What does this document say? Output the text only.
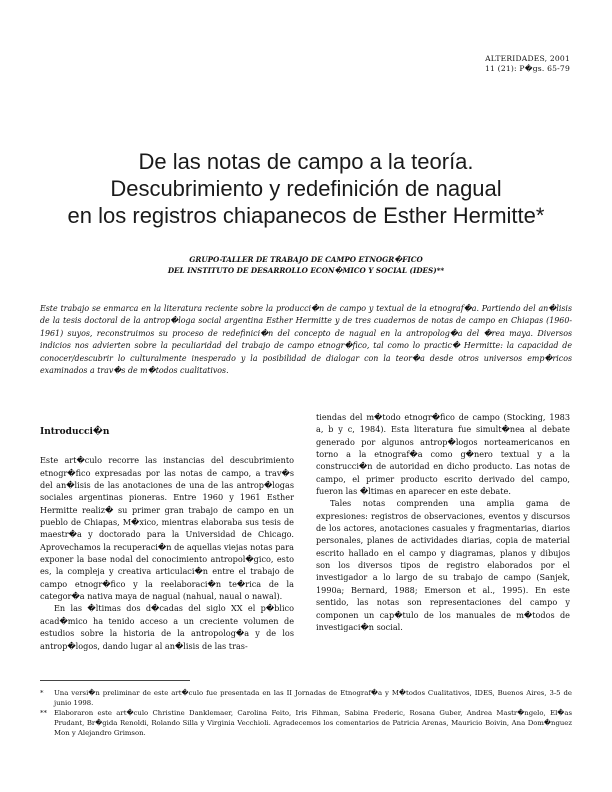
ALTERIDADES, 2001
11 (21): P�gs. 65-79
De las notas de campo a la teoría.
Descubrimiento y redefinición de nagual
en los registros chiapanecos de Esther Hermitte*
GRUPO-TALLER DE TRABAJO DE CAMPO ETNOGR�FICO
DEL INSTITUTO DE DESARROLLO ECON�MICO Y SOCIAL (IDES)**
Este trabajo se enmarca en la literatura reciente sobre la producci�n de campo y textual de la etnograf�a. Partiendo del an�lisis de la tesis doctoral de la antrop�loga social argentina Esther Hermitte y de tres cuadernos de notas de campo en Chiapas (1960-1961) suyos, reconstruimos su proceso de redefinici�n del concepto de nagual en la antropolog�a del �rea maya. Diversos indicios nos advierten sobre la peculiaridad del trabajo de campo etnogr�fico, tal como lo practic� Hermitte: la capacidad de conocer/descubrir lo culturalmente inesperado y la posibilidad de dialogar con la teor�a desde otros universos emp�ricos examinados a trav�s de m�todos cualitativos.
Introducci�n

Este art�culo recorre las instancias del descubrimiento etnogr�fico expresadas por las notas de campo, a trav�s del an�lisis de las anotaciones de una de las antrop�logas sociales argentinas pioneras. Entre 1960 y 1961 Esther Hermitte realiz� su primer gran trabajo de campo en un pueblo de Chiapas, M�xico, mientras elaboraba sus tesis de maestr�a y doctorado para la Universidad de Chicago. Aprovechamos la recuperaci�n de aquellas viejas notas para exponer la base nodal del conocimiento antropol�gico, esto es, la compleja y creativa articulaci�n entre el trabajo de campo etnogr�fico y la reelaboraci�n te�rica de la categor�a nativa maya de nagual (nahual, naual o nawal).

En las �ltimas dos d�cadas del siglo XX el p�blico acad�mico ha tenido acceso a un creciente volumen de estudios sobre la historia de la antropolog�a y de los antrop�logos, dando lugar al an�lisis de las tras-

tiendas del m�todo etnogr�fico de campo (Stocking, 1983 a, b y c, 1984). Esta literatura fue simult�nea al debate generado por algunos antrop�logos norteamericanos en torno a la etnograf�a como g�nero textual y a la construcci�n de autoridad en dicho producto. Las notas de campo, el primer producto escrito derivado del campo, fueron las �ltimas en aparecer en este debate.

Tales notas comprenden una amplia gama de expresiones: registros de observaciones, eventos y discursos de los actores, anotaciones casuales y fragmentarias, diarios personales, planes de actividades diarias, copia de material escrito hallado en el campo y diagramas, planos y dibujos son los diversos tipos de registro elaborados por el investigador a lo largo de su trabajo de campo (Sanjek, 1990a; Bernard, 1988; Emerson et al., 1995). En este sentido, las notas son representaciones del campo y componen un cap�tulo de los manuales de m�todos de investigaci�n social.

*	Una versi�n preliminar de este art�culo fue presentada en las II Jornadas de Etnograf�a y M�todos Cualitativos, IDES, Buenos Aires, 3-5 de junio 1998.
**	Elaboraron este art�culo Christine Danklemaer, Carolina Feito, Iris Fihman, Sabina Frederic, Rosana Guber, Andrea Mastr�ngelo, El�as Prudant, Br�gida Renoldi, Rolando Silla y Virginia Vecchioli. Agradecemos los comentarios de Patricia Arenas, Mauricio Boivin, Ana Dom�nguez Mon y Alejandro Grimson.
